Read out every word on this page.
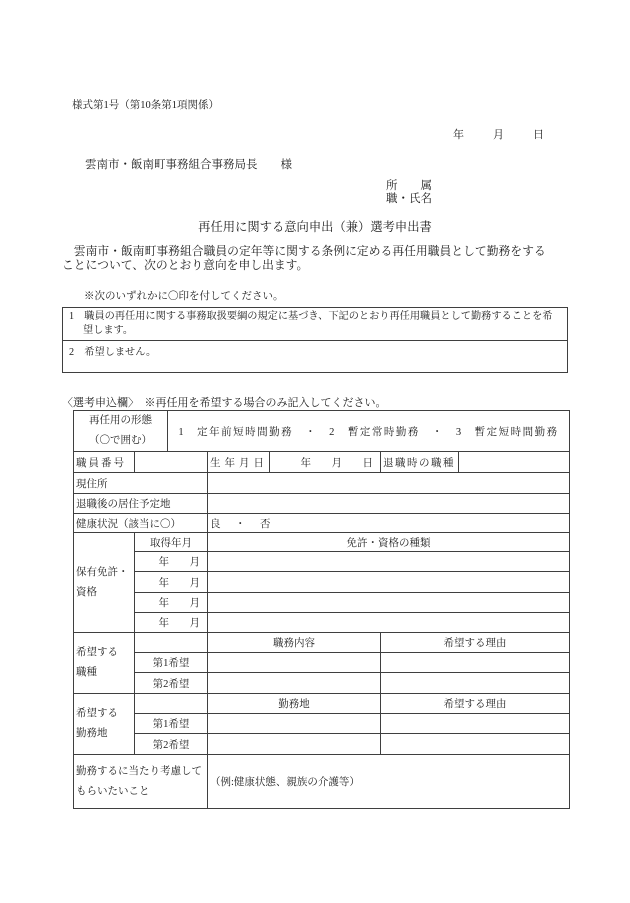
様式第1号（第10条第1項関係）
年　月　日
雲南市・飯南町事務組合事務局長　　様
所　　属
職・氏名
再任用に関する意向申出（兼）選考申出書
　雲南市・飯南町事務組合職員の定年等に関する条例に定める再任用職員として勤務をする
ことについて、次のとおり意向を申し出ます。
※次のいずれかに〇印を付してください。
1　職員の再任用に関する事務取扱要綱の規定に基づき、下記のとおり再任用職員として勤務することを希
望します。
2　希望しません。
〈選考申込欄〉　※再任用を希望する場合のみ記入してください。
再任用の形態
（〇で囲む）		1　定年前短時間勤務　・　2　暫定常時勤務　・　3　暫定短時間勤務				
職員番号			生年月日	年　月　日	退職時の職種	
現住所						
退職後の居住予定地						
健康状況（該当に〇）			良　・　否			

保有免許・
資格	取得年月		免許・資格の種類			
	年　月					
	年　月					
	年　月					
	年　月					

希望する
職種			職務内容		希望する理由	
	第1希望					
	第2希望					

希望する
勤務地			勤務地		希望する理由	
	第1希望					
	第2希望					

勤務するに当たり考慮して
もらいたいこと			（例:健康状態、親族の介護等）			
